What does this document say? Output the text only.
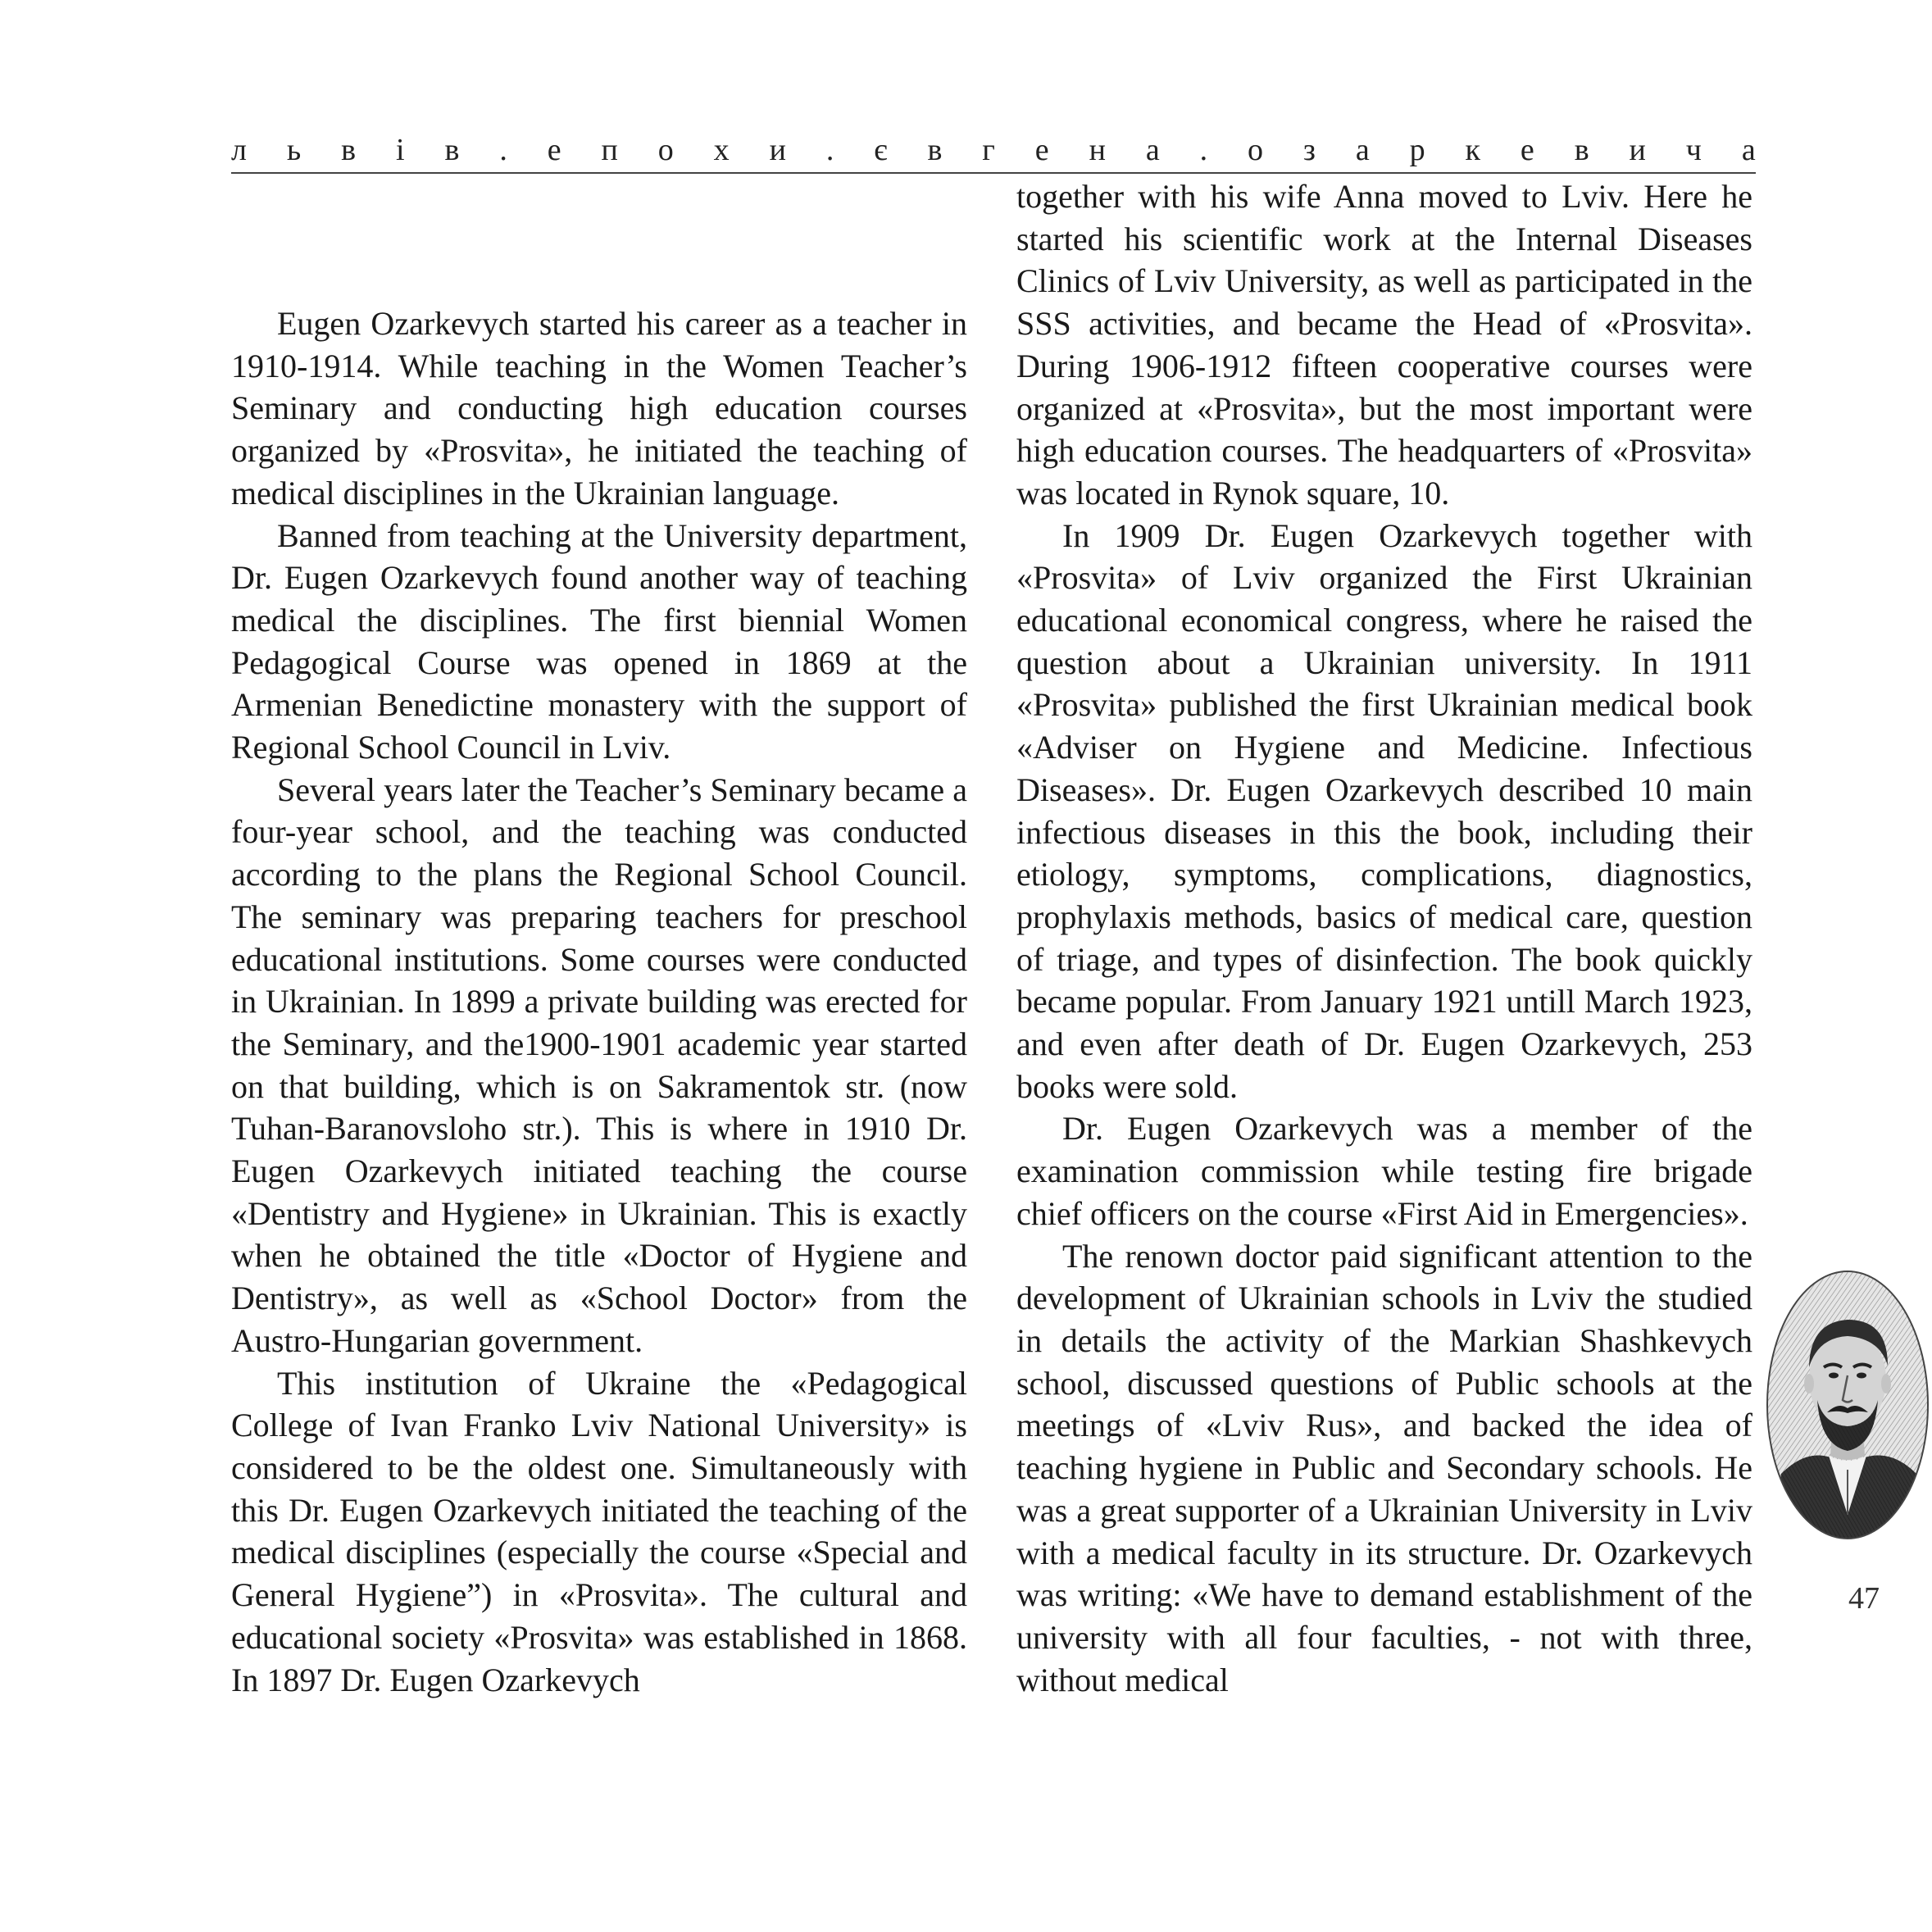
л ь в і в . е п о х и . є в г е н а . о з а р к е в и ч а

Eugen Ozarkevych started his career as a teacher in 1910-1914. While teaching in the Women Teacher’s Seminary and conducting high education courses organized by «Prosvita», he initiated the teaching of medical disciplines in the Ukrainian language.

Banned from teaching at the University department, Dr. Eugen Ozarkevych found another way of teaching medical the disciplines. The first biennial Women Pedagogical Course was opened in 1869 at the Armenian Benedictine monastery with the support of Regional School Council in Lviv.

Several years later the Teacher’s Seminary became a four-year school, and the teaching was conducted according to the plans the Regional School Council. The seminary was preparing teachers for preschool educational institutions. Some courses were conducted in Ukrainian. In 1899 a private building was erected for the Seminary, and the1900-1901 academic year started on that building, which is on Sakramentok str. (now Tuhan-Baranovsloho str.). This is where in 1910 Dr. Eugen Ozarkevych initiated teaching the course «Dentistry and Hygiene» in Ukrainian. This is exactly when he obtained the title «Doctor of Hygiene and Dentistry», as well as «School Doctor» from the Austro-Hungarian government.

This institution of Ukraine the «Pedagogical College of Ivan Franko Lviv National University» is considered to be the oldest one. Simultaneously with this Dr. Eugen Ozarkevych initiated the teaching of the medical disciplines (especially the course «Special and General Hygiene”) in «Prosvita». The cultural and educational society «Prosvita» was established in 1868. In 1897 Dr. Eugen Ozarkevych

together with his wife Anna moved to Lviv. Here he started his scientific work at the Internal Diseases Clinics of Lviv University, as well as participated in the SSS activities, and became the Head of «Prosvita». During 1906-1912 fifteen cooperative courses were organized at «Prosvita», but the most important were high education courses. The headquarters of «Prosvita» was located in Rynok square, 10.

In 1909 Dr. Eugen Ozarkevych together with «Prosvita» of Lviv organized the First Ukrainian educational economical congress, where he raised the question about a Ukrainian university. In 1911 «Prosvita» published the first Ukrainian medical book «Adviser on Hygiene and Medicine. Infectious Diseases». Dr. Eugen Ozarkevych described 10 main infectious diseases in this the book, including their etiology, symptoms, complications, diagnostics, prophylaxis methods, basics of medical care, question of triage, and types of disinfection. The book quickly became popular. From January 1921 untill March 1923, and even after death of Dr. Eugen Ozarkevych, 253 books were sold.

Dr. Eugen Ozarkevych was a member of the examination commission while testing fire brigade chief officers on the course «First Aid in Emergencies».

The renown doctor paid significant attention to the development of Ukrainian schools in Lviv the studied in details the activity of the Markian Shashkevych school, discussed questions of Public schools at the meetings of «Lviv Rus», and backed the idea of teaching hygiene in Public and Secondary schools. He was a great supporter of a Ukrainian University in Lviv with a medical faculty in its structure. Dr. Ozarkevych was writing: «We have to demand establishment of the university with all four faculties, - not with three, without medical

47
